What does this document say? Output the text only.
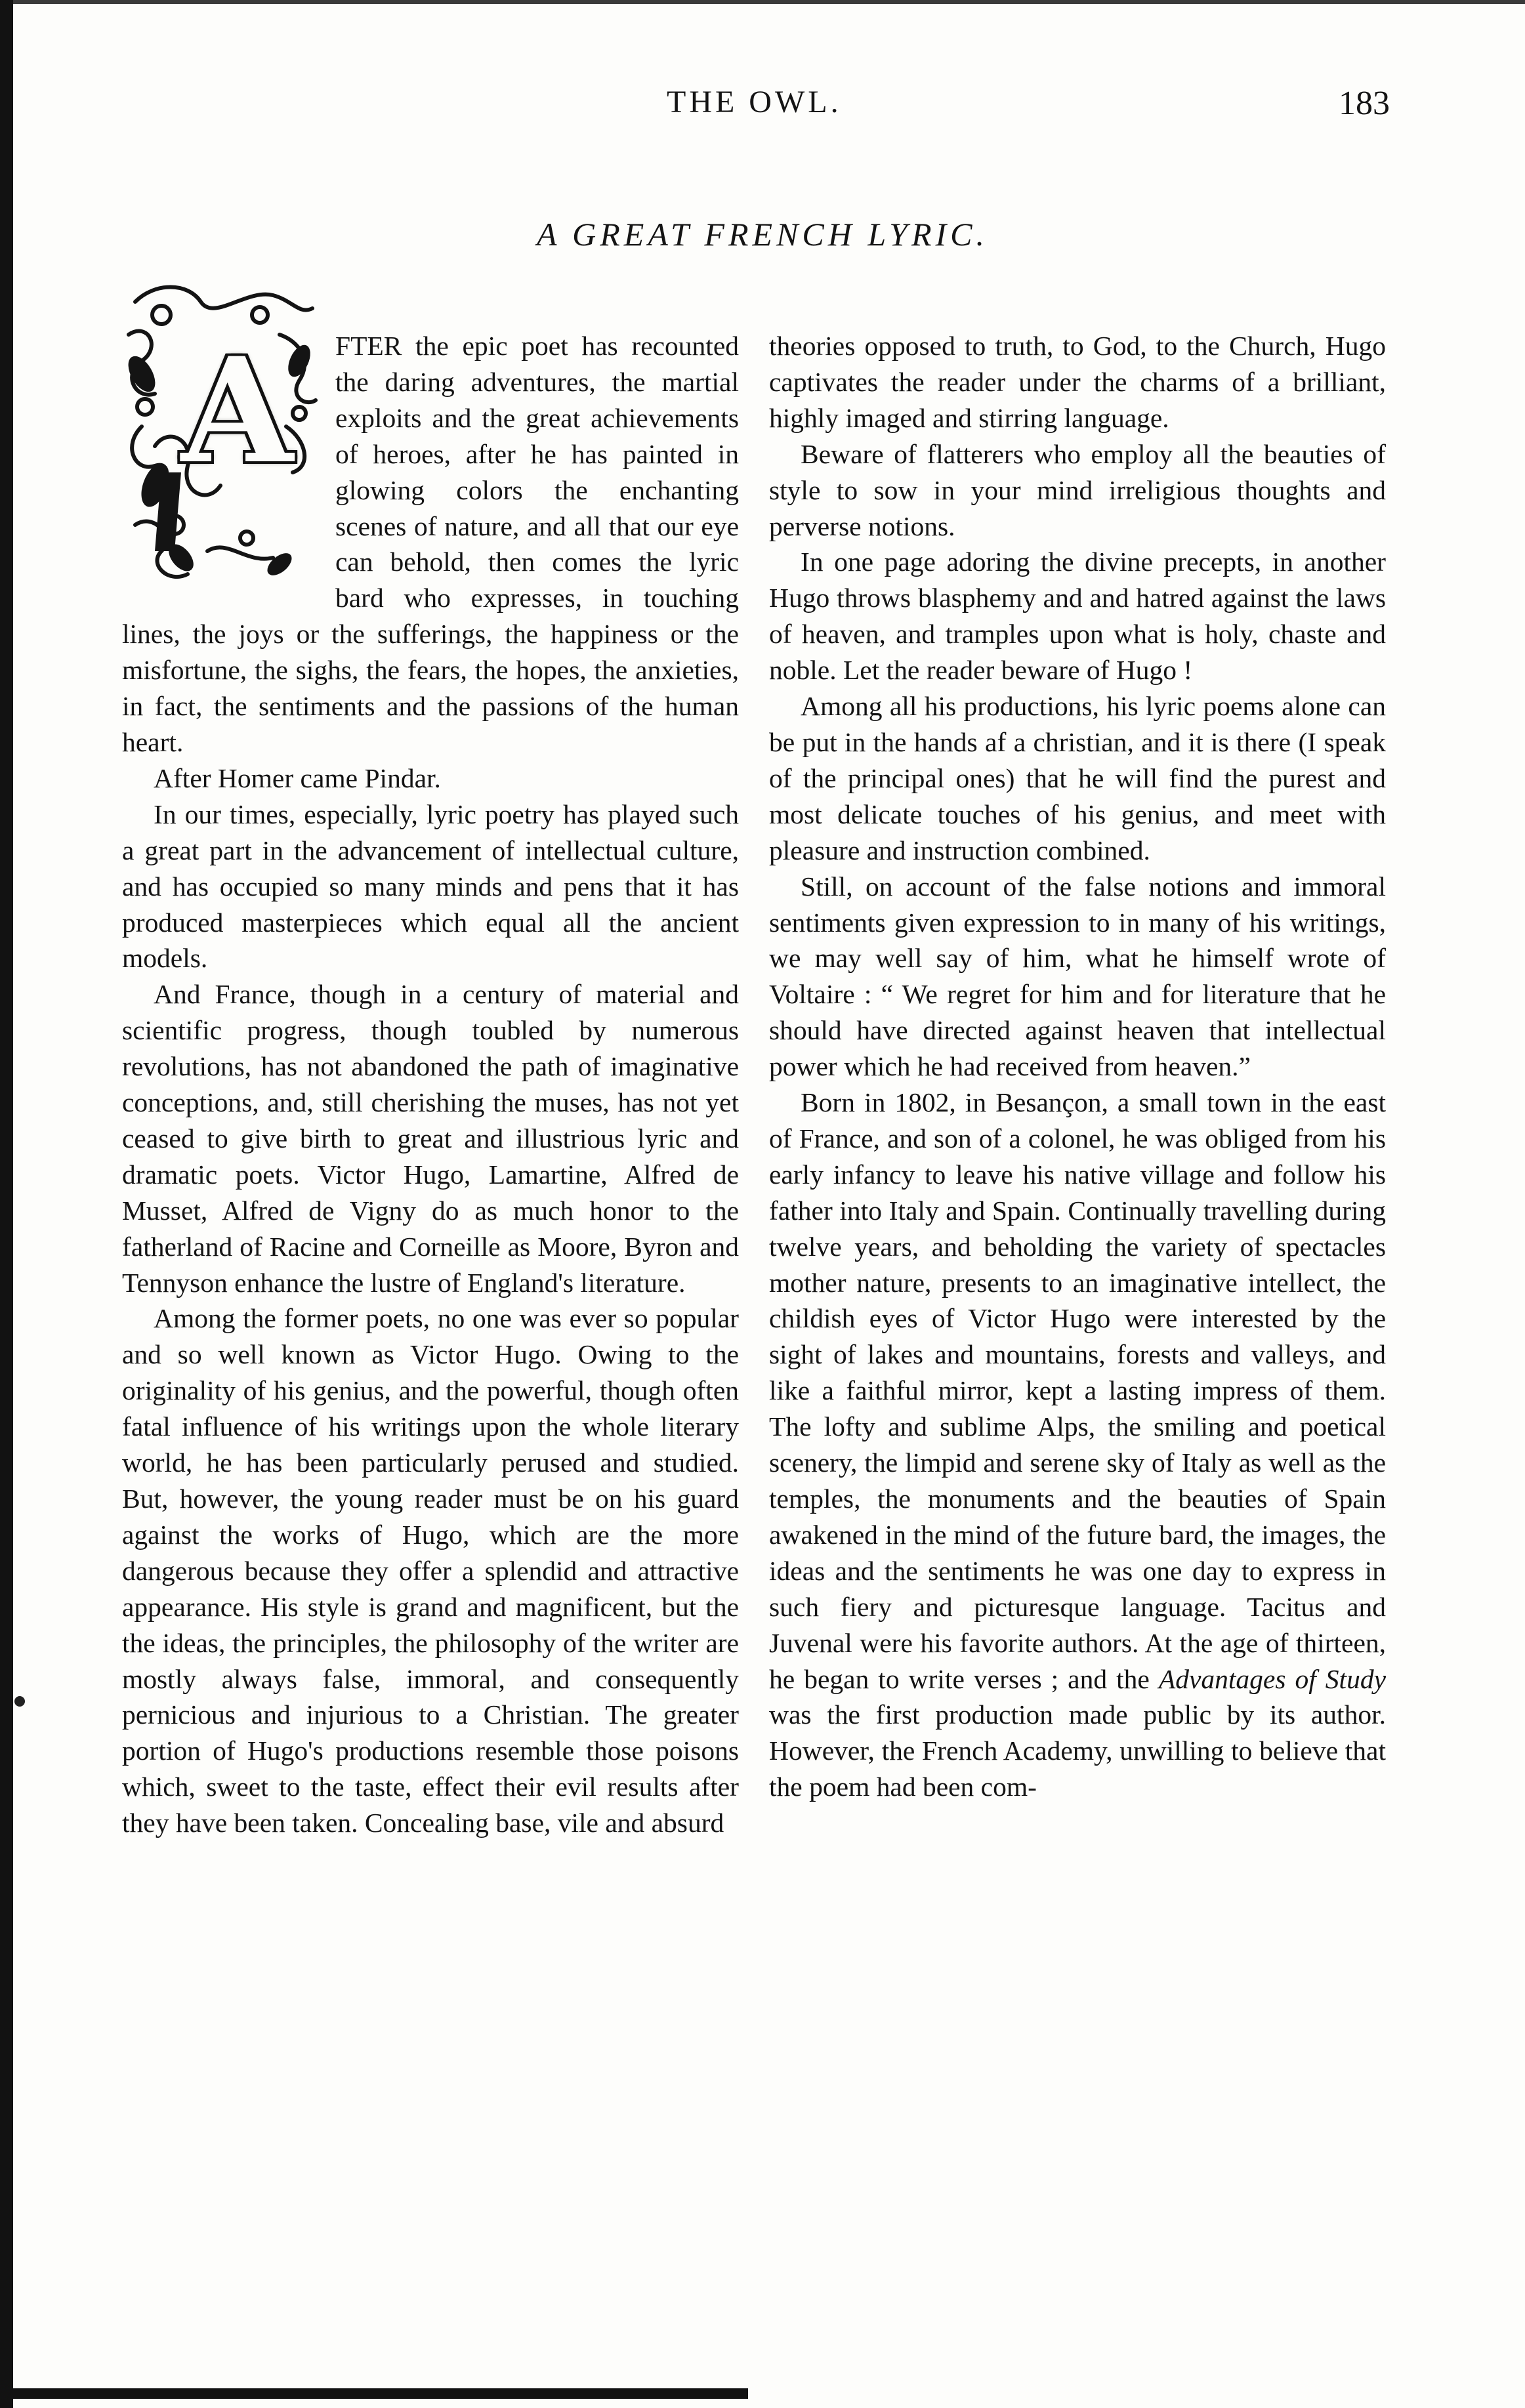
THE OWL.	183
A GREAT FRENCH LYRIC.
A	FTER the epic poet has recounted the daring adventures, the martial exploits and the great achievements of heroes, after he has painted in glowing colors the enchanting scenes of nature, and all that our eye can behold, then comes the lyric bard who expresses, in touching lines, the joys or the sufferings, the happiness or the misfortune, the sighs, the fears, the hopes, the anxieties, in fact, the sentiments and the passions of the human heart.

After Homer came Pindar.

In our times, especially, lyric poetry has played such a great part in the advancement of intellectual culture, and has occupied so many minds and pens that it has produced masterpieces which equal all the ancient models.

And France, though in a century of material and scientific progress, though toubled by numerous revolutions, has not abandoned the path of imaginative conceptions, and, still cherishing the muses, has not yet ceased to give birth to great and illustrious lyric and dramatic poets. Victor Hugo, Lamartine, Alfred de Musset, Alfred de Vigny do as much honor to the fatherland of Racine and Corneille as Moore, Byron and Tennyson enhance the lustre of England's literature.

Among the former poets, no one was ever so popular and so well known as Victor Hugo. Owing to the originality of his genius, and the powerful, though often fatal influence of his writings upon the whole literary world, he has been particularly perused and studied. But, however, the young reader must be on his guard against the works of Hugo, which are the more dangerous because they offer a splendid and attractive appearance. His style is grand and magnificent, but the the ideas, the principles, the philosophy of the writer are mostly always false, immoral, and consequently pernicious and injurious to a Christian. The greater portion of Hugo's productions resemble those poisons which, sweet to the taste, effect their evil results after they have been taken. Concealing base, vile and absurd

theories opposed to truth, to God, to the Church, Hugo captivates the reader under the charms of a brilliant, highly imaged and stirring language.

Beware of flatterers who employ all the beauties of style to sow in your mind irreligious thoughts and perverse notions.

In one page adoring the divine precepts, in another Hugo throws blasphemy and and hatred against the laws of heaven, and tramples upon what is holy, chaste and noble. Let the reader beware of Hugo !

Among all his productions, his lyric poems alone can be put in the hands af a christian, and it is there (I speak of the principal ones) that he will find the purest and most delicate touches of his genius, and meet with pleasure and instruction combined.

Still, on account of the false notions and immoral sentiments given expression to in many of his writings, we may well say of him, what he himself wrote of Voltaire : “ We regret for him and for literature that he should have directed against heaven that intellectual power which he had received from heaven.”

Born in 1802, in Besançon, a small town in the east of France, and son of a colonel, he was obliged from his early infancy to leave his native village and follow his father into Italy and Spain. Continually travelling during twelve years, and beholding the variety of spectacles mother nature, presents to an imaginative intellect, the childish eyes of Victor Hugo were interested by the sight of lakes and mountains, forests and valleys, and like a faithful mirror, kept a lasting impress of them. The lofty and sublime Alps, the smiling and poetical scenery, the limpid and serene sky of Italy as well as the temples, the monuments and the beauties of Spain awakened in the mind of the future bard, the images, the ideas and the sentiments he was one day to express in such fiery and picturesque language. Tacitus and Juvenal were his favorite authors. At the age of thirteen, he began to write verses ; and the Advantages of Study was the first production made public by its author. However, the French Academy, unwilling to believe that the poem had been com-
